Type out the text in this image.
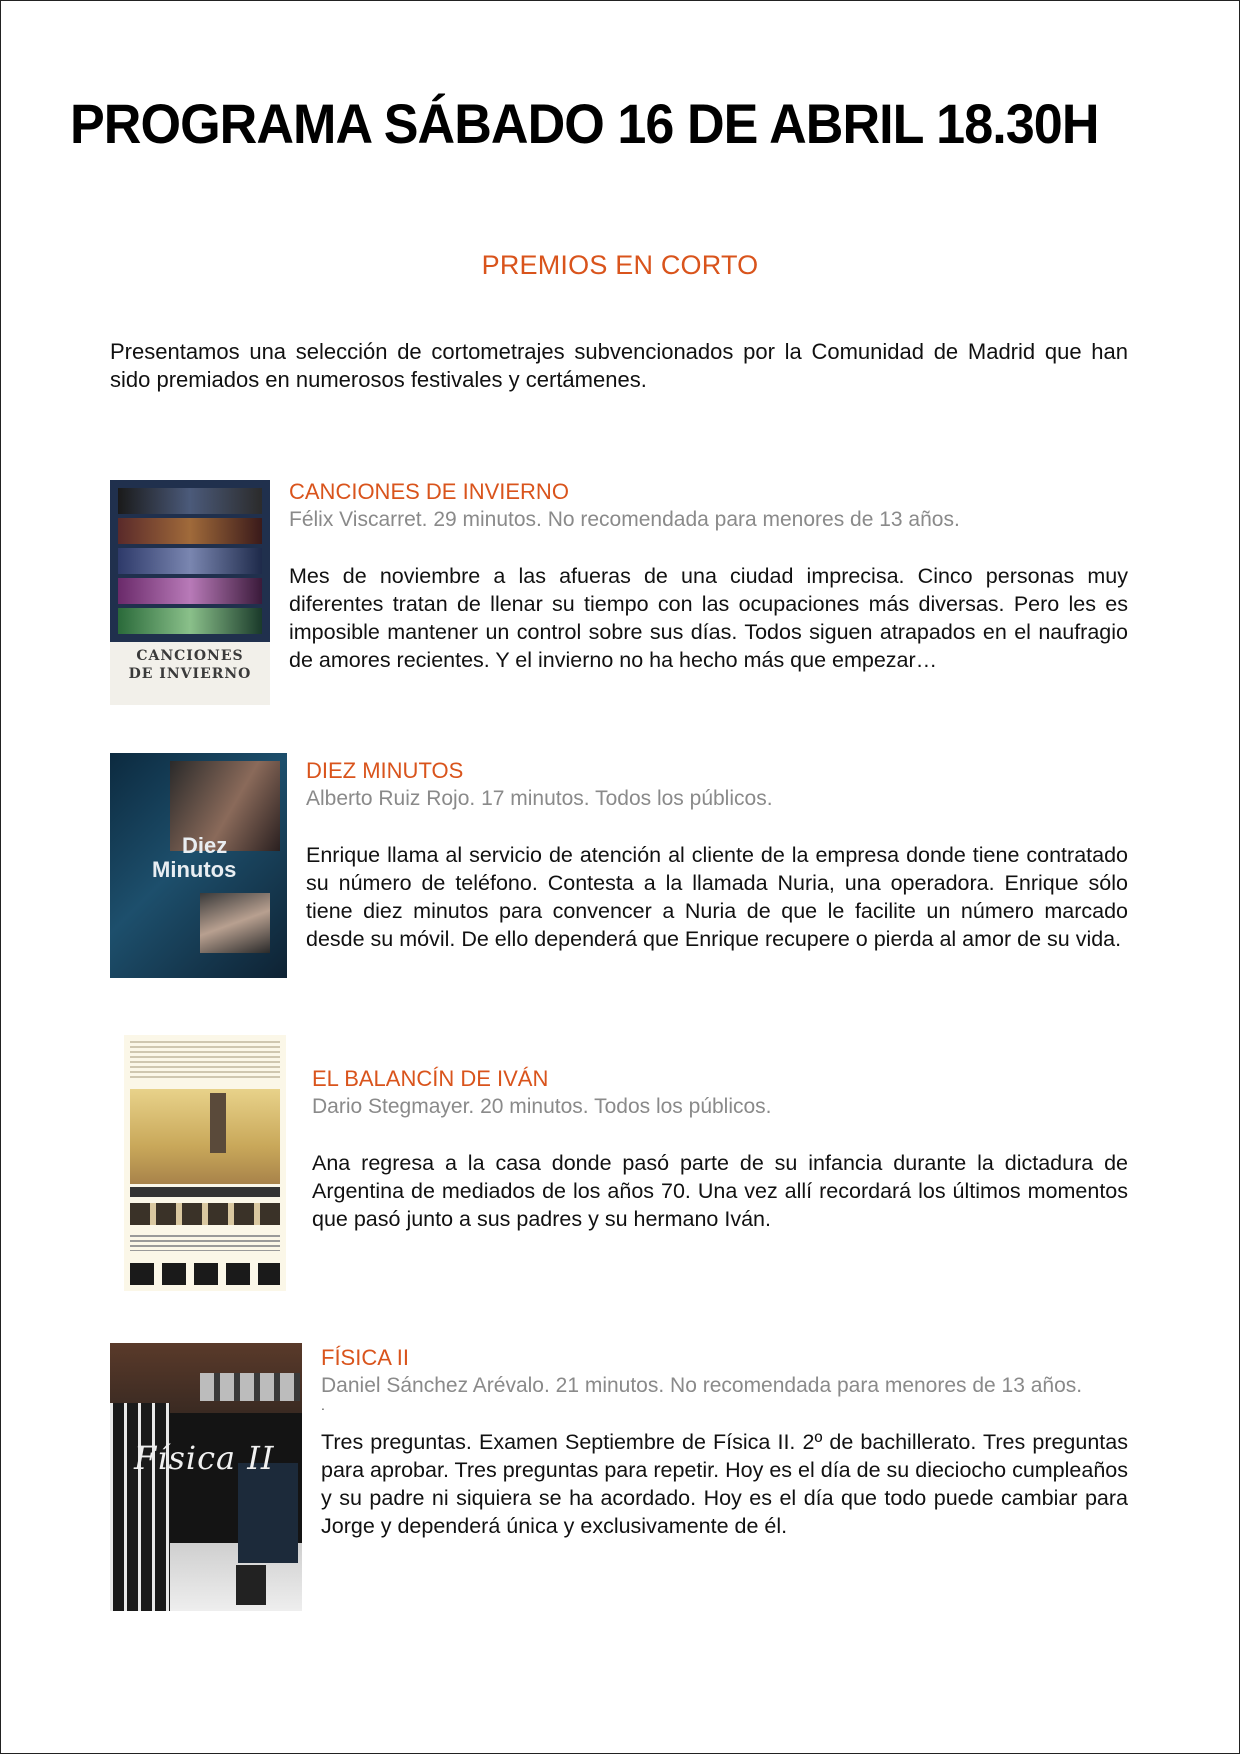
PROGRAMA SÁBADO 16 DE ABRIL 18.30H
PREMIOS EN CORTO

Presentamos una selección de cortometrajes subvencionados por la Comunidad de Madrid que han sido premiados en numerosos festivales y certámenes.

CANCIONES
DE INVIERNO
CANCIONES DE INVIERNO

Félix Viscarret. 29 minutos. No recomendada para menores de 13 años.

Mes de noviembre a las afueras de una ciudad imprecisa. Cinco personas muy diferentes tratan de llenar su tiempo con las ocupaciones más diversas. Pero les es imposible mantener un control sobre sus días. Todos siguen atrapados en el naufragio de amores recientes. Y el invierno no ha hecho más que empezar…

Diez
Minutos
DIEZ MINUTOS

Alberto Ruiz Rojo. 17 minutos. Todos los públicos.

Enrique llama al servicio de atención al cliente de la empresa donde tiene contratado su número de teléfono. Contesta a la llamada Nuria, una operadora. Enrique sólo tiene diez minutos para convencer a Nuria de que le facilite un número marcado desde su móvil. De ello dependerá que Enrique recupere o pierda al amor de su vida.

EL BALANCÍN DE IVÁN

Dario Stegmayer. 20 minutos. Todos los públicos.

Ana regresa a la casa donde pasó parte de su infancia durante la dictadura de Argentina de mediados de los años 70. Una vez allí recordará los últimos momentos que pasó junto a sus padres y su hermano Iván.

Física II
FÍSICA II

Daniel Sánchez Arévalo. 21 minutos. No recomendada para menores de 13 años.

.

Tres preguntas. Examen Septiembre de Física II. 2º de bachillerato. Tres preguntas para aprobar. Tres preguntas para repetir. Hoy es el día de su dieciocho cumpleaños y su padre ni siquiera se ha acordado. Hoy es el día que todo puede cambiar para Jorge y dependerá única y exclusivamente de él.
